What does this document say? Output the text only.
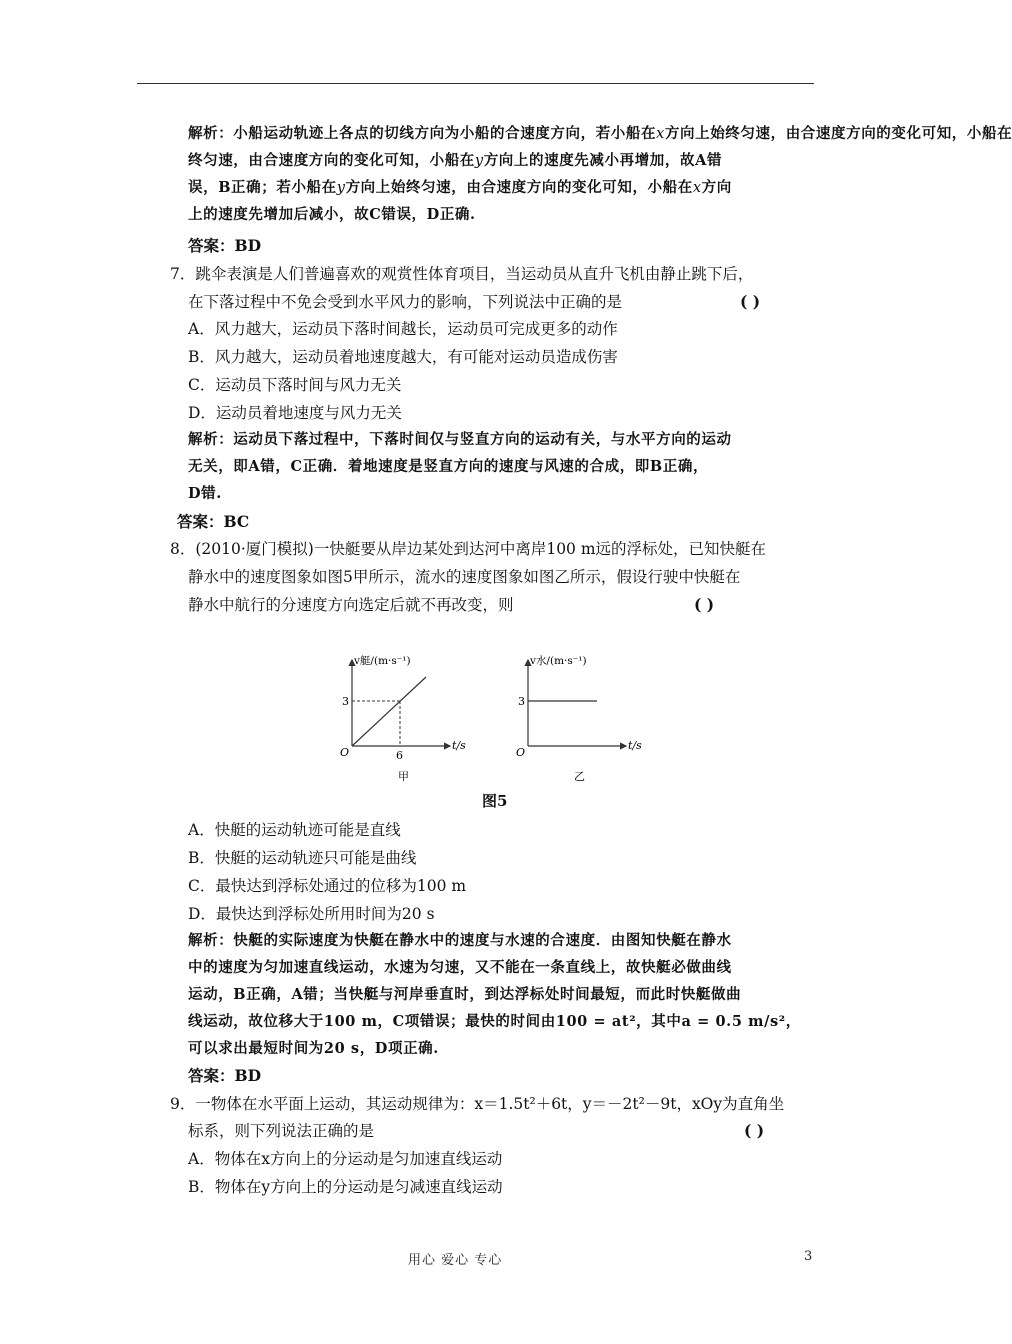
解析：小船运动轨迹上各点的切线方向为小船的合速度方向，若小船在x方向上始终匀速，由合速度方向的变化可知，小船在
终匀速，由合速度方向的变化可知，小船在y方向上的速度先减小再增加，故A错
误，B正确；若小船在y方向上始终匀速，由合速度方向的变化可知，小船在x方向
上的速度先增加后减小，故C错误，D正确.
答案：BD
7．跳伞表演是人们普遍喜欢的观赏性体育项目，当运动员从直升飞机由静止跳下后，
在下落过程中不免会受到水平风力的影响，下列说法中正确的是	( )
A．风力越大，运动员下落时间越长，运动员可完成更多的动作
B．风力越大，运动员着地速度越大，有可能对运动员造成伤害
C．运动员下落时间与风力无关
D．运动员着地速度与风力无关
解析：运动员下落过程中，下落时间仅与竖直方向的运动有关，与水平方向的运动
无关，即A错，C正确．着地速度是竖直方向的速度与风速的合成，即B正确，
D错.
答案：BC
8．(2010·厦门模拟)一快艇要从岸边某处到达河中离岸100 m远的浮标处，已知快艇在
静水中的速度图象如图5甲所示，流水的速度图象如图乙所示，假设行驶中快艇在
静水中航行的分速度方向选定后就不再改变，则	( )
v艇/(m·s⁻¹)
3
6
O
t/s
甲
v水/(m·s⁻¹)
3
O
t/s
乙
图5
A．快艇的运动轨迹可能是直线
B．快艇的运动轨迹只可能是曲线
C．最快达到浮标处通过的位移为100 m
D．最快达到浮标处所用时间为20 s
解析：快艇的实际速度为快艇在静水中的速度与水速的合速度．由图知快艇在静水
中的速度为匀加速直线运动，水速为匀速，又不能在一条直线上，故快艇必做曲线
运动，B正确，A错；当快艇与河岸垂直时，到达浮标处时间最短，而此时快艇做曲
线运动，故位移大于100 m，C项错误；最快的时间由100 = at²，其中a = 0.5 m/s²，
可以求出最短时间为20 s，D项正确.
答案：BD
9．一物体在水平面上运动，其运动规律为：x＝1.5t²＋6t，y＝－2t²－9t，xOy为直角坐
标系，则下列说法正确的是	( )
A．物体在x方向上的分运动是匀加速直线运动
B．物体在y方向上的分运动是匀减速直线运动
用心 爱心 专心	3
